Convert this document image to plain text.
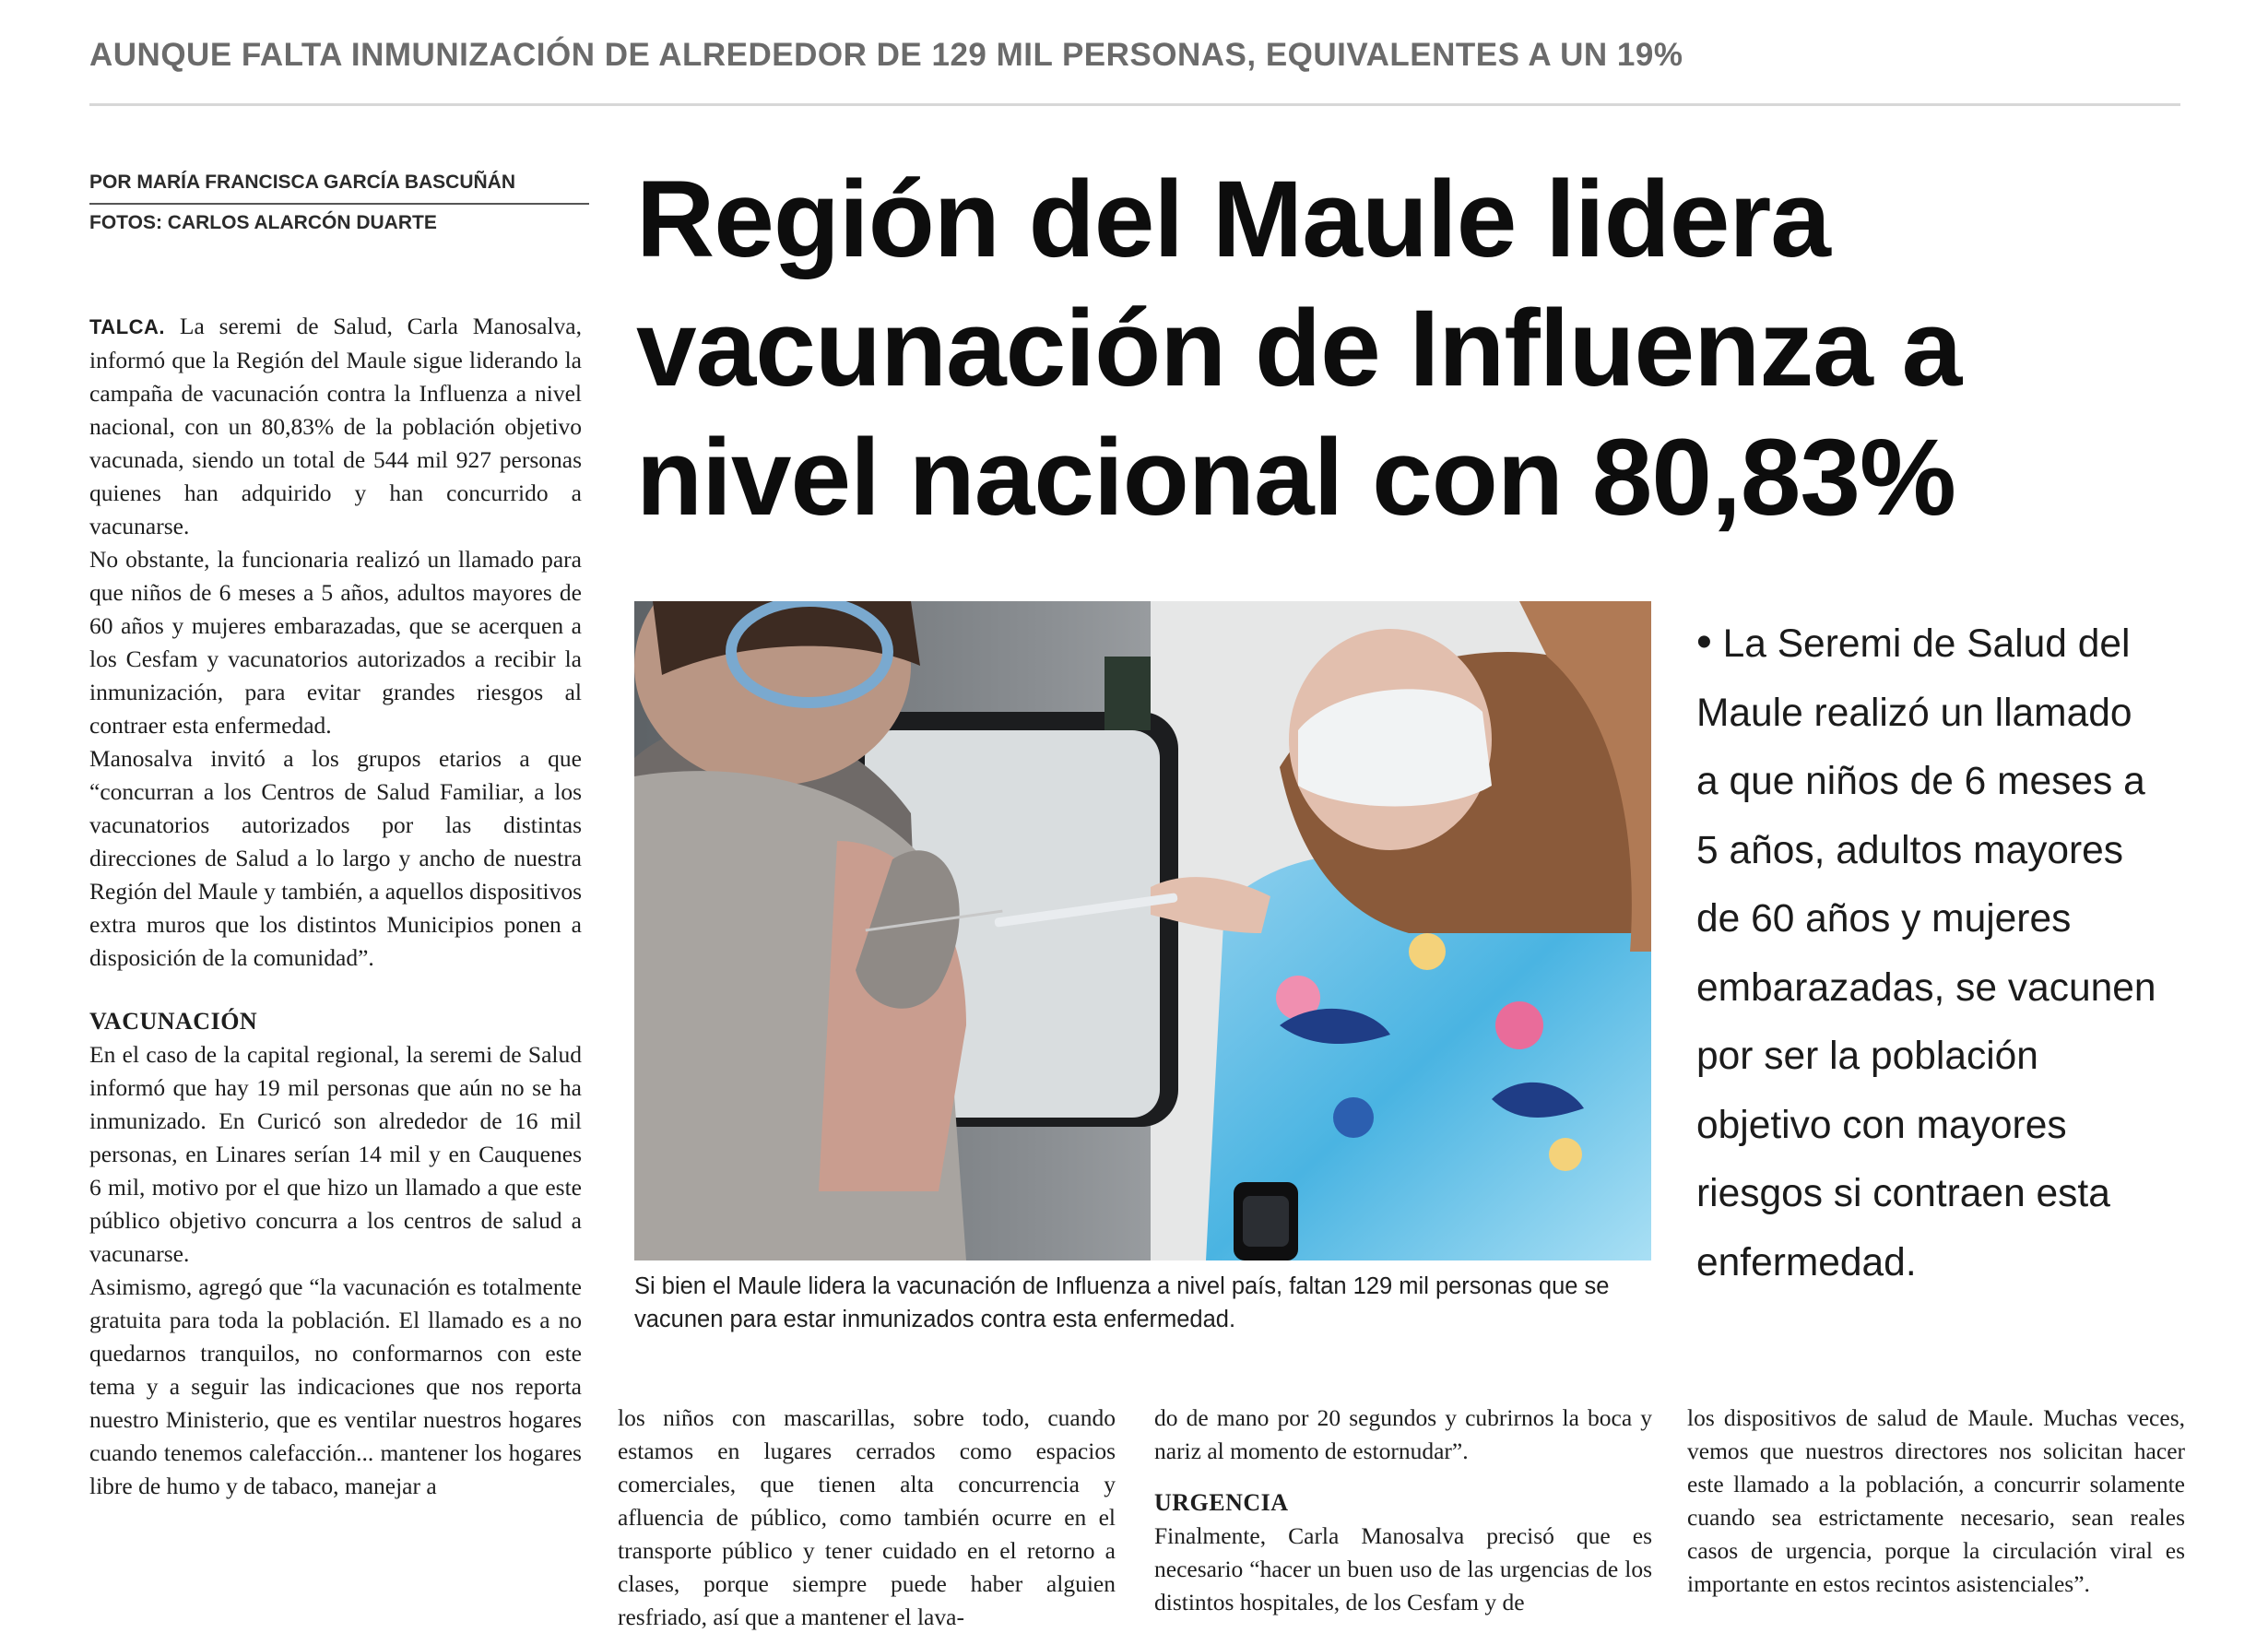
AUNQUE FALTA INMUNIZACIÓN DE ALREDEDOR DE 129 MIL PERSONAS, EQUIVALENTES A UN 19%
POR MARÍA FRANCISCA GARCÍA BASCUÑÁN
FOTOS: CARLOS ALARCÓN DUARTE Región del Maule lidera
vacunación de Influenza a
nivel nacional con 80,83%

TALCA. La seremi de Salud, Carla Manosalva, informó que la Región del Maule sigue liderando la campaña de vacunación contra la Influenza a nivel nacional, con un 80,83% de la población objetivo vacunada, siendo un total de 544 mil 927 personas quienes han adquirido y han concurrido a vacunarse.

No obstante, la funcionaria realizó un llamado para que niños de 6 meses a 5 años, adultos mayores de 60 años y mujeres embarazadas, que se acerquen a los Cesfam y vacunatorios autorizados a recibir la inmunización, para evitar grandes riesgos al contraer esta enfermedad.

Manosalva invitó a los grupos etarios a que “concurran a los Centros de Salud Familiar, a los vacunatorios autorizados por las distintas direcciones de Salud a lo largo y ancho de nuestra Región del Maule y también, a aquellos dispositivos extra muros que los distintos Municipios ponen a disposición de la comunidad”.

VACUNACIÓN

En el caso de la capital regional, la seremi de Salud informó que hay 19 mil personas que aún no se ha inmunizado. En Curicó son alrededor de 16 mil personas, en Linares serían 14 mil y en Cauquenes 6 mil, motivo por el que hizo un llamado a que este público objetivo concurra a los centros de salud a vacunarse.

Asimismo, agregó que “la vacunación es totalmente gratuita para toda la población. El llamado es a no quedarnos tranquilos, no conformarnos con este tema y a seguir las indicaciones que nos reporta nuestro Ministerio, que es ventilar nuestros hogares cuando tenemos calefacción... mantener los hogares libre de humo y de tabaco, manejar a

Si bien el Maule lidera la vacunación de Influenza a nivel país, faltan 129 mil personas que se vacunen para estar inmunizados contra esta enfermedad.
• La Seremi de Salud del
Maule realizó un llamado
a que niños de 6 meses a
5 años, adultos mayores
de 60 años y mujeres
embarazadas, se vacunen
por ser la población
objetivo con mayores
riesgos si contraen esta
enfermedad.

los niños con mascarillas, sobre todo, cuando estamos en lugares cerrados como espacios comerciales, que tienen alta concurrencia y afluencia de público, como también ocurre en el transporte público y tener cuidado en el retorno a clases, porque siempre puede haber alguien resfriado, así que a mantener el lava-

do de mano por 20 segundos y cubrirnos la boca y nariz al momento de estornudar”.

URGENCIA

Finalmente, Carla Manosalva precisó que es necesario “hacer un buen uso de las urgencias de los distintos hospitales, de los Cesfam y de

los dispositivos de salud de Maule. Muchas veces, vemos que nuestros directores nos solicitan hacer este llamado a la población, a concurrir solamente cuando sea estrictamente necesario, sean reales casos de urgencia, porque la circulación viral es importante en estos recintos asistenciales”.
